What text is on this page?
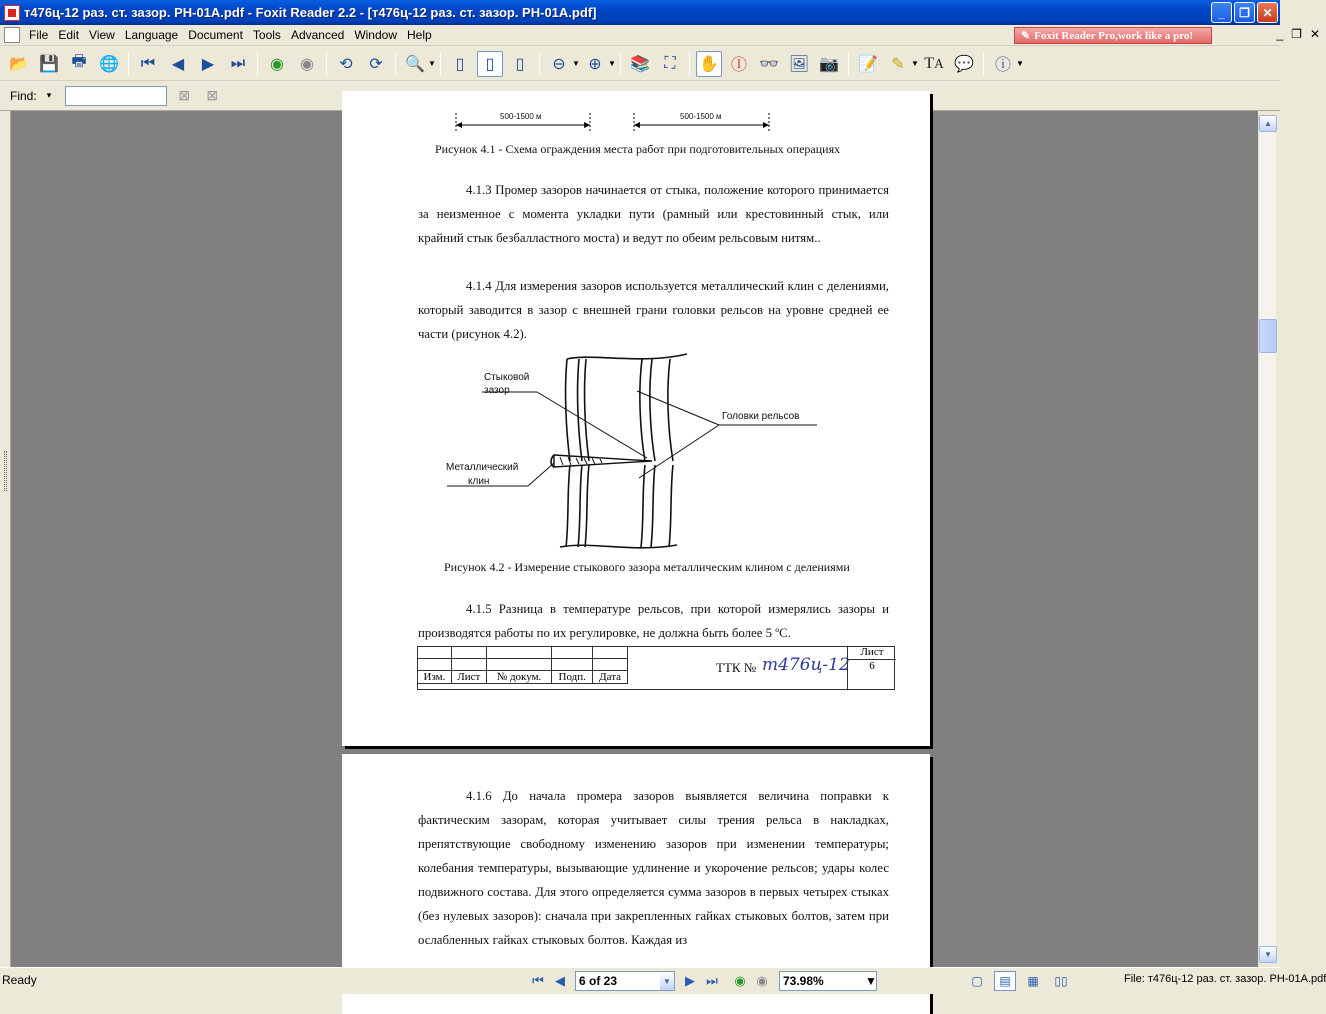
т476ц-12 раз. ст. зазор. РН-01А.pdf - Foxit Reader 2.2 - [т476ц-12 раз. ст. зазор. РН-01А.pdf]	_	❐	✕
File Edit View Language Document Tools Advanced Window Help	✎ Foxit Reader Pro,work like a pro!	_ ❐ ✕
📂 💾 🖶 🌐	⏮	◀	▶	⏭	◉	◉	⟲	⟳	🔍 ▼	▯	▯	▯	⊖ ▼ ⊕ ▼ 📚 ⛶	✋ Ⓘ 👓 🖼 📷 📝 ✎ ▼ T A 💬	ⓘ ▼
Find: ▾	⊠	⊠
500-1500 м	500-1500 м
Рисунок 4.1 - Схема ограждения места работ при подготовительных операциях

4.1.3 Промер зазоров начинается от стыка, положение которого принимается за неизменное с момента укладки пути (рамный или крестовинный стык, или крайний стык безбалластного моста) и ведут по обеим рельсовым нитям..

4.1.4 Для измерения зазоров используется металлический клин с делениями, который заводится в зазор с внешней грани головки рельсов на уровне средней ее части (рисунок 4.2).

Стыковой
зазор
Головки рельсов
Металлический
клин
Рисунок 4.2 - Измерение стыкового зазора металлическим клином с делениями

4.1.5 Разница в температуре рельсов, при которой измерялись зазоры и производятся работы по их регулировке, не должна быть более 5 ºС.

Изм.	Лист	№ докум.	Подп.	Дата
ТТК № т476ц-12
Лист
6

4.1.6 До начала промера зазоров выявляется величина поправки к фактическим зазорам, которая учитывает силы трения рельса в накладках, препятствующие свободному изменению зазоров при изменении температуры; колебания температуры, вызывающие удлинение и укорочение рельсов; удары колес подвижного состава. Для этого определяется сумма зазоров в первых четырех стыках (без нулевых зазоров): сначала при закрепленных гайках стыковых болтов, затем при ослабленных гайках стыковых болтов. Каждая из

▲
▼
Ready	⏮ ◀	6 of 23	▼	▶ ⏭	◉ ◉	73.98%	▼	▢	▤	▦	▯▯	File: т476ц-12 раз. ст. зазор. РН-01А.pdf
